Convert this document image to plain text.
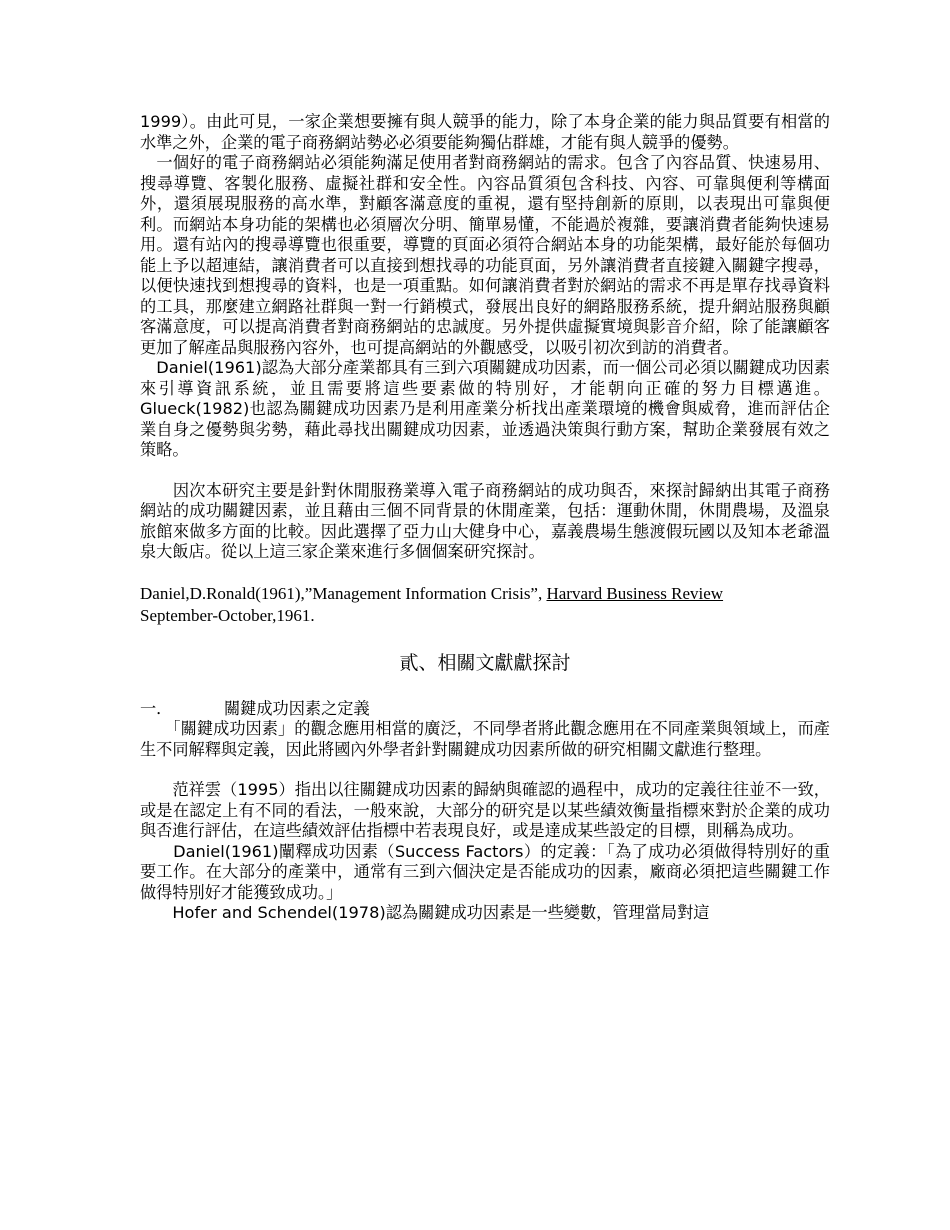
1999）。由此可見，一家企業想要擁有與人競爭的能力，除了本身企業的能力與品質要有相當的水準之外，企業的電子商務網站勢必必須要能夠獨佔群雄，才能有與人競爭的優勢。

　一個好的電子商務網站必須能夠滿足使用者對商務網站的需求。包含了內容品質、快速易用、搜尋導覽、客製化服務、虛擬社群和安全性。內容品質須包含科技、內容、可靠與便利等構面外，還須展現服務的高水準，對顧客滿意度的重視，還有堅持創新的原則，以表現出可靠與便利。而網站本身功能的架構也必須層次分明、簡單易懂，不能過於複雜，要讓消費者能夠快速易用。還有站內的搜尋導覽也很重要，導覽的頁面必須符合網站本身的功能架構，最好能於每個功能上予以超連結，讓消費者可以直接到想找尋的功能頁面，另外讓消費者直接鍵入關鍵字搜尋，以便快速找到想搜尋的資料，也是一項重點。如何讓消費者對於網站的需求不再是單存找尋資料的工具，那麼建立網路社群與一對一行銷模式，發展出良好的網路服務系統，提升網站服務與顧客滿意度，可以提高消費者對商務網站的忠誠度。另外提供虛擬實境與影音介紹，除了能讓顧客更加了解產品與服務內容外，也可提高網站的外觀感受，以吸引初次到訪的消費者。

　Daniel(1961)認為大部分產業都具有三到六項關鍵成功因素，而一個公司必須以關鍵成功因素來引導資訊系統，並且需要將這些要素做的特別好，才能朝向正確的努力目標邁進。Glueck(1982)也認為關鍵成功因素乃是利用產業分析找出產業環境的機會與威脅，進而評估企業自身之優勢與劣勢，藉此尋找出關鍵成功因素，並透過決策與行動方案，幫助企業發展有效之策略。

　　因次本研究主要是針對休閒服務業導入電子商務網站的成功與否，來探討歸納出其電子商務網站的成功關鍵因素，並且藉由三個不同背景的休閒產業，包括：運動休閒，休閒農場，及溫泉旅館來做多方面的比較。因此選擇了亞力山大健身中心，嘉義農場生態渡假玩國以及知本老爺溫泉大飯店。從以上這三家企業來進行多個個案研究探討。

Daniel,D.Ronald(1961),”Management Information Crisis”, Harvard Business Review
September-October,1961.

貳、相關文獻獻探討

一．	關鍵成功因素之定義

　　「關鍵成功因素」的觀念應用相當的廣泛，不同學者將此觀念應用在不同產業與領域上，而產生不同解釋與定義，因此將國內外學者針對關鍵成功因素所做的研究相關文獻進行整理。

　　范祥雲（1995）指出以往關鍵成功因素的歸納與確認的過程中，成功的定義往往並不一致，或是在認定上有不同的看法，一般來說，大部分的研究是以某些績效衡量指標來對於企業的成功與否進行評估，在這些績效評估指標中若表現良好，或是達成某些設定的目標，則稱為成功。

　　Daniel(1961)闡釋成功因素（Success Factors）的定義：「為了成功必須做得特別好的重要工作。在大部分的產業中，通常有三到六個決定是否能成功的因素，廠商必須把這些關鍵工作做得特別好才能獲致成功。」

　　Hofer and Schendel(1978)認為關鍵成功因素是一些變數，管理當局對這
